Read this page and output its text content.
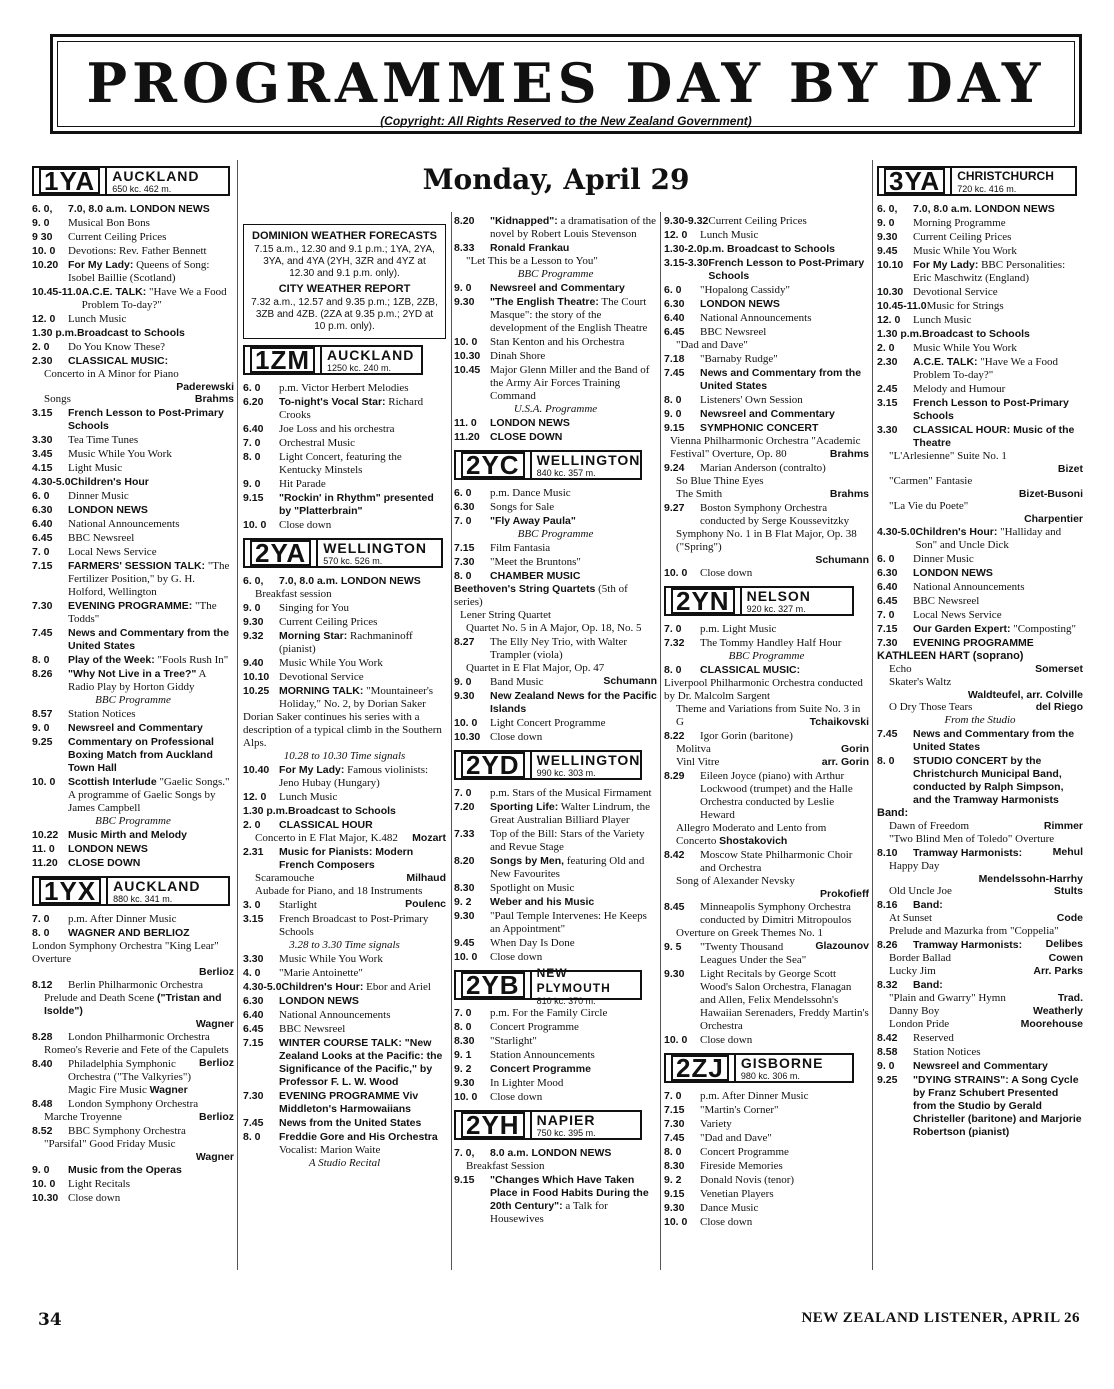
PROGRAMMES DAY BY DAY
(Copyright: All Rights Reserved to the New Zealand Government)
Monday, April 29
1YA	AUCKLAND
650 kc. 462 m.
6. 0,	7.0, 8.0 a.m. LONDON NEWS
9. 0	Musical Bon Bons
9 30	Current Ceiling Prices
10. 0	Devotions: Rev. Father Bennett
10.20 For My Lady: Queens of Song: Isobel Baillie (Scotland)
10.45-11.0 A.C.E. TALK: "Have We a Food Problem To-day?"
12. 0	Lunch Music
1.30 p.m. Broadcast to Schools
2. 0	Do You Know These?
2.30	CLASSICAL MUSIC:
Concerto in A Minor for Piano
Paderewski
Songs	Brahms
3.15	French Lesson to Post-Primary Schools
3.30	Tea Time Tunes
3.45	Music While You Work
4.15	Light Music
4.30-5.0 Children's Hour
6. 0	Dinner Music
6.30	LONDON NEWS
6.40	National Announcements
6.45	BBC Newsreel
7. 0	Local News Service
7.15	FARMERS' SESSION TALK: "The Fertilizer Position," by G. H. Holford, Wellington
7.30	EVENING PROGRAMME: "The Todds"
7.45	News and Commentary from the United States
8. 0	Play of the Week: "Fools Rush In"
8.26	"Why Not Live in a Tree?" A Radio Play by Horton Giddy
BBC Programme
8.57	Station Notices
9. 0	Newsreel and Commentary
9.25	Commentary on Professional Boxing Match from Auckland Town Hall
10. 0	Scottish Interlude "Gaelic Songs." A programme of Gaelic Songs by James Campbell
BBC Programme
10.22 Music Mirth and Melody
11. 0	LONDON NEWS
11.20 CLOSE DOWN
1YX	AUCKLAND
880 kc. 341 m.
7. 0	p.m. After Dinner Music
8. 0	WAGNER AND BERLIOZ
London Symphony Orchestra "King Lear" Overture
Berlioz
8.12	Berlin Philharmonic Orchestra
Prelude and Death Scene ("Tristan and Isolde")
Wagner
8.28	London Philharmonic Orchestra
Romeo's Reverie and Fete of the Capulets
Berlioz
8.40	Philadelphia Symphonic Orchestra ("The Valkyries") Magic Fire Music Wagner
8.48	London Symphony Orchestra
Marche Troyenne	Berlioz
8.52	BBC Symphony Orchestra
"Parsifal" Good Friday Music
Wagner
9. 0	Music from the Operas
10. 0	Light Recitals
10.30 Close down
DOMINION WEATHER FORECASTS
7.15 a.m., 12.30 and 9.1 p.m.; 1YA, 2YA, 3YA, and 4YA (2YH, 3ZR and 4YZ at 12.30 and 9.1 p.m. only).
CITY WEATHER REPORT
7.32 a.m., 12.57 and 9.35 p.m.; 1ZB, 2ZB, 3ZB and 4ZB. (2ZA at 9.35 p.m.; 2YD at 10 p.m. only).
1ZM	AUCKLAND
1250 kc. 240 m.
6. 0	p.m. Victor Herbert Melodies
6.20	To-night's Vocal Star: Richard Crooks
6.40	Joe Loss and his orchestra
7. 0	Orchestral Music
8. 0	Light Concert, featuring the Kentucky Minstels
9. 0	Hit Parade
9.15	"Rockin' in Rhythm" presented by "Platterbrain"
10. 0	Close down
2YA	WELLINGTON
570 kc. 526 m.
6. 0,	7.0, 8.0 a.m. LONDON NEWS
Breakfast session
9. 0	Singing for You
9.30	Current Ceiling Prices
9.32	Morning Star: Rachmaninoff (pianist)
9.40	Music While You Work
10.10 Devotional Service
10.25 MORNING TALK: "Mountaineer's Holiday," No. 2, by Dorian Saker
Dorian Saker continues his series with a description of a typical climb in the Southern Alps.
10.28 to 10.30 Time signals
10.40 For My Lady: Famous violinists: Jeno Hubay (Hungary)
12. 0	Lunch Music
1.30 p.m. Broadcast to Schools
2. 0	CLASSICAL HOUR
Concerto in E Flat Major, K.482 Mozart
2.31	Music for Pianists: Modern French Composers
Scaramouche	Milhaud
Aubade for Piano, and 18 Instruments
Poulenc
3. 0	Starlight
3.15	French Broadcast to Post-Primary Schools
3.28 to 3.30 Time signals
3.30	Music While You Work
4. 0	"Marie Antoinette"
4.30-5.0 Children's Hour: Ebor and Ariel
6.30	LONDON NEWS
6.40	National Announcements
6.45	BBC Newsreel
7.15	WINTER COURSE TALK: "New Zealand Looks at the Pacific: the Significance of the Pacific," by Professor F. L. W. Wood
7.30	EVENING PROGRAMME Viv Middleton's Harmowaiians
7.45	News from the United States
8. 0	Freddie Gore and His Orchestra Vocalist: Marion Waite
A Studio Recital
8.20	"Kidnapped": a dramatisation of the novel by Robert Louis Stevenson
8.33	Ronald Frankau
"Let This be a Lesson to You"
BBC Programme
9. 0	Newsreel and Commentary
9.30	"The English Theatre: The Court Masque": the story of the development of the English Theatre
10. 0	Stan Kenton and his Orchestra
10.30 Dinah Shore
10.45 Major Glenn Miller and the Band of the Army Air Forces Training Command
U.S.A. Programme
11. 0	LONDON NEWS
11.20 CLOSE DOWN
2YC	WELLINGTON
840 kc. 357 m.
6. 0	p.m. Dance Music
6.30	Songs for Sale
7. 0	"Fly Away Paula"
BBC Programme
7.15	Film Fantasia
7.30	"Meet the Bruntons"
8. 0	CHAMBER MUSIC
Beethoven's String Quartets (5th of series)
Lener String Quartet
Quartet No. 5 in A Major, Op. 18, No. 5
8.27	The Elly Ney Trio, with Walter Trampler (viola)
Quartet in E Flat Major, Op. 47
Schumann
9. 0	Band Music
9.30	New Zealand News for the Pacific Islands
10. 0	Light Concert Programme
10.30 Close down
2YD	WELLINGTON
990 kc. 303 m.
7. 0	p.m. Stars of the Musical Firmament
7.20	Sporting Life: Walter Lindrum, the Great Australian Billiard Player
7.33	Top of the Bill: Stars of the Variety and Revue Stage
8.20	Songs by Men, featuring Old and New Favourites
8.30	Spotlight on Music
9. 2	Weber and his Music
9.30	"Paul Temple Intervenes: He Keeps an Appointment"
9.45	When Day Is Done
10. 0	Close down
2YB	NEW PLYMOUTH
810 kc. 370 m.
7. 0	p.m. For the Family Circle
8. 0	Concert Programme
8.30	"Starlight"
9. 1	Station Announcements
9. 2	Concert Programme
9.30	In Lighter Mood
10. 0	Close down
2YH	NAPIER
750 kc. 395 m.
7. 0,	8.0 a.m. LONDON NEWS
Breakfast Session
9.15	"Changes Which Have Taken Place in Food Habits During the 20th Century": a Talk for Housewives
9.30-9.32 Current Ceiling Prices
12. 0	Lunch Music
1.30-2.0 p.m. Broadcast to Schools
3.15-3.30 French Lesson to Post-Primary Schools
6. 0	"Hopalong Cassidy"
6.30	LONDON NEWS
6.40	National Announcements
6.45	BBC Newsreel
"Dad and Dave"
7.18	"Barnaby Rudge"
7.45	News and Commentary from the United States
8. 0	Listeners' Own Session
9. 0	Newsreel and Commentary
9.15	SYMPHONIC CONCERT
Vienna Philharmonic Orchestra "Academic Festival" Overture, Op. 80	Brahms
9.24	Marian Anderson (contralto)
So Blue Thine Eyes
The Smith	Brahms
9.27	Boston Symphony Orchestra conducted by Serge Koussevitzky
Symphony No. 1 in B Flat Major, Op. 38 ("Spring")
Schumann
10. 0	Close down
2YN	NELSON
920 kc. 327 m.
7. 0	p.m. Light Music
7.32	The Tommy Handley Half Hour
BBC Programme
8. 0	CLASSICAL MUSIC:
Liverpool Philharmonic Orchestra conducted by Dr. Malcolm Sargent
Theme and Variations from Suite No. 3 in G	Tchaikovski
8.22	Igor Gorin (baritone)
Molitva	Gorin
Vinl Vitre	arr. Gorin
8.29	Eileen Joyce (piano) with Arthur Lockwood (trumpet) and the Halle Orchestra conducted by Leslie Heward
Allegro Moderato and Lento from Concerto Shostakovich
8.42	Moscow State Philharmonic Choir and Orchestra
Song of Alexander Nevsky
Prokofieff
8.45	Minneapolis Symphony Orchestra conducted by Dimitri Mitropoulos
Overture on Greek Themes No. 1
Glazounov
9. 5	"Twenty Thousand Leagues Under the Sea"
9.30	Light Recitals by George Scott Wood's Salon Orchestra, Flanagan and Allen, Felix Mendelssohn's Hawaiian Serenaders, Freddy Martin's Orchestra
10. 0	Close down
2ZJ	GISBORNE
980 kc. 306 m.
7. 0	p.m. After Dinner Music
7.15	"Martin's Corner"
7.30	Variety
7.45	"Dad and Dave"
8. 0	Concert Programme
8.30	Fireside Memories
9. 2	Donald Novis (tenor)
9.15	Venetian Players
9.30	Dance Music
10. 0	Close down
3YA	CHRISTCHURCH
720 kc. 416 m.
6. 0,	7.0, 8.0 a.m. LONDON NEWS
9. 0	Morning Programme
9.30	Current Ceiling Prices
9.45	Music While You Work
10.10 For My Lady: BBC Personalities: Eric Maschwitz (England)
10.30 Devotional Service
10.45-11.0 Music for Strings
12. 0	Lunch Music
1.30 p.m. Broadcast to Schools
2. 0	Music While You Work
2.30	A.C.E. TALK: "Have We a Food Problem To-day?"
2.45	Melody and Humour
3.15	French Lesson to Post-Primary Schools
3.30	CLASSICAL HOUR: Music of the Theatre
"L'Arlesienne" Suite No. 1
Bizet
"Carmen" Fantasie
Bizet-Busoni
"La Vie du Poete"
Charpentier
4.30-5.0 Children's Hour: "Halliday and Son" and Uncle Dick
6. 0	Dinner Music
6.30	LONDON NEWS
6.40	National Announcements
6.45	BBC Newsreel
7. 0	Local News Service
7.15	Our Garden Expert: "Composting"
7.30	EVENING PROGRAMME
KATHLEEN HART (soprano)
Echo	Somerset
Skater's Waltz
Waldteufel, arr. Colville
O Dry Those Tears	del Riego
From the Studio
7.45	News and Commentary from the United States
8. 0	STUDIO CONCERT by the Christchurch Municipal Band, conducted by Ralph Simpson, and the Tramway Harmonists
Band:
Dawn of Freedom	Rimmer
"Two Blind Men of Toledo" Overture
Mehul
8.10	Tramway Harmonists:
Happy Day
Mendelssohn-Harrhy
Old Uncle Joe	Stults
8.16	Band:
At Sunset	Code
Prelude and Mazurka from "Coppelia"
Delibes
8.26	Tramway Harmonists:
Border Ballad	Cowen
Lucky Jim	Arr. Parks
8.32	Band:
"Plain and Gwarry" Hymn	Trad.
Danny Boy	Weatherly
London Pride	Moorehouse
8.42	Reserved
8.58	Station Notices
9. 0	Newsreel and Commentary
9.25	"DYING STRAINS": A Song Cycle by Franz Schubert Presented from the Studio by Gerald Christeller (baritone) and Marjorie Robertson (pianist)
34	NEW ZEALAND LISTENER, APRIL 26
